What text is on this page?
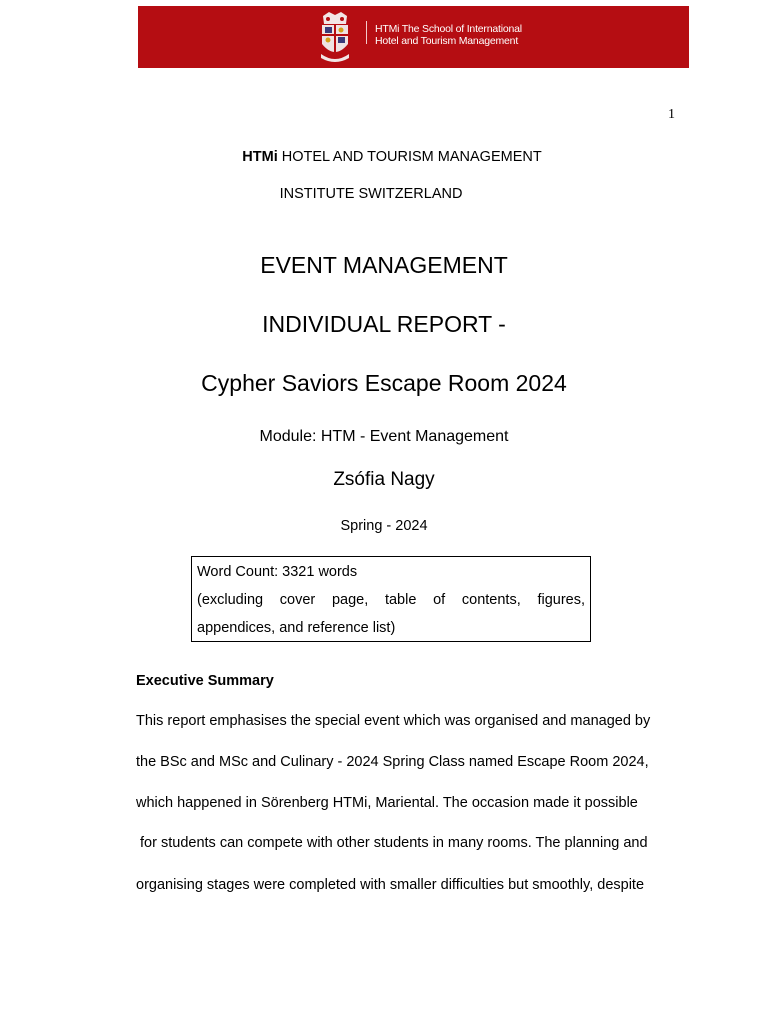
HTMi The School of International
Hotel and Tourism Management
1
HTMi HOTEL AND TOURISM MANAGEMENT
INSTITUTE SWITZERLAND
EVENT MANAGEMENT
INDIVIDUAL REPORT -
Cypher Saviors Escape Room 2024
Module: HTM - Event Management
Zsófia Nagy
Spring - 2024
Word Count: 3321 words
(excluding cover page, table of contents, figures,
appendices, and reference list)
Executive Summary
This report emphasises the special event which was organised and managed by
the BSc and MSc and Culinary - 2024 Spring Class named Escape Room 2024,
which happened in Sörenberg HTMi, Mariental. The occasion made it possible
for students can compete with other students in many rooms. The planning and
organising stages were completed with smaller difficulties but smoothly, despite
